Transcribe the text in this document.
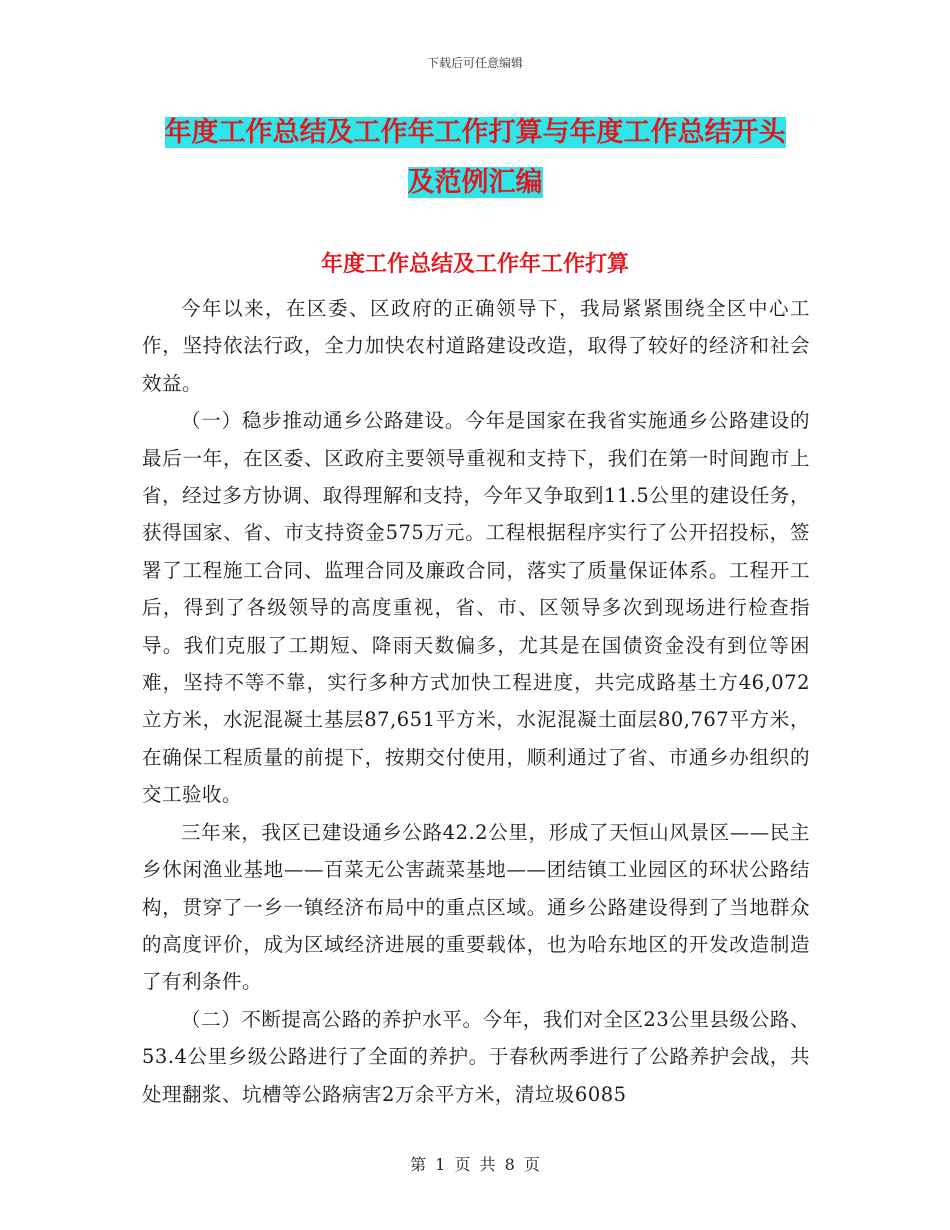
下载后可任意编辑
年度工作总结及工作年工作打算与年度工作总结开头
及范例汇编
年度工作总结及工作年工作打算

今年以来，在区委、区政府的正确领导下，我局紧紧围绕全区中心工作，坚持依法行政，全力加快农村道路建设改造，取得了较好的经济和社会效益。

（一）稳步推动通乡公路建设。今年是国家在我省实施通乡公路建设的最后一年，在区委、区政府主要领导重视和支持下，我们在第一时间跑市上省，经过多方协调、取得理解和支持，今年又争取到11.5公里的建设任务，获得国家、省、市支持资金575万元。工程根据程序实行了公开招投标，签署了工程施工合同、监理合同及廉政合同，落实了质量保证体系。工程开工后，得到了各级领导的高度重视，省、市、区领导多次到现场进行检查指导。我们克服了工期短、降雨天数偏多，尤其是在国债资金没有到位等困难，坚持不等不靠，实行多种方式加快工程进度，共完成路基土方46,072立方米，水泥混凝土基层87,651平方米，水泥混凝土面层80,767平方米，在确保工程质量的前提下，按期交付使用，顺利通过了省、市通乡办组织的交工验收。

三年来，我区已建设通乡公路42.2公里，形成了天恒山风景区——民主乡休闲渔业基地——百菜无公害蔬菜基地——团结镇工业园区的环状公路结构，贯穿了一乡一镇经济布局中的重点区域。通乡公路建设得到了当地群众的高度评价，成为区域经济进展的重要载体，也为哈东地区的开发改造制造了有利条件。

（二）不断提高公路的养护水平。今年，我们对全区23公里县级公路、53.4公里乡级公路进行了全面的养护。于春秋两季进行了公路养护会战，共处理翻浆、坑槽等公路病害2万余平方米，清垃圾6085

第 1 页 共 8 页
